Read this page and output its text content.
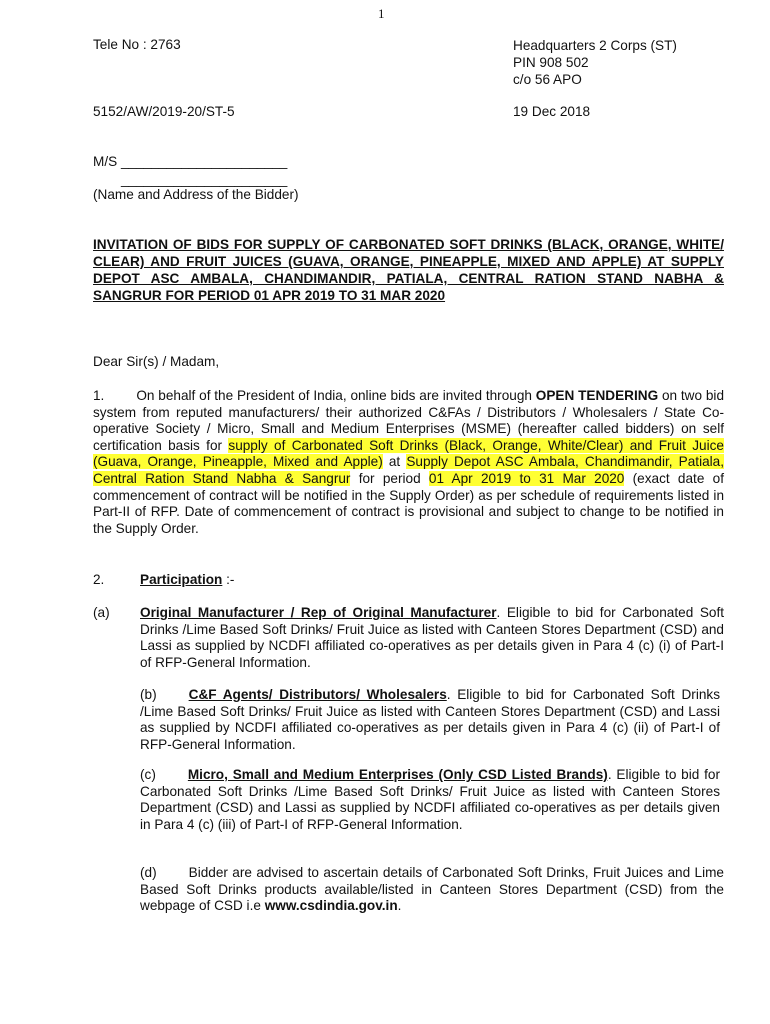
1
Tele No : 2763	Headquarters 2 Corps (ST)
PIN 908 502
c/o 56 APO
5152/AW/2019-20/ST-5	19 Dec 2018
M/S ______________________
______________________
(Name and Address of the Bidder)
INVITATION OF BIDS FOR SUPPLY OF CARBONATED SOFT DRINKS (BLACK, ORANGE, WHITE/ CLEAR) AND FRUIT JUICES (GUAVA, ORANGE, PINEAPPLE, MIXED AND APPLE) AT SUPPLY DEPOT ASC AMBALA, CHANDIMANDIR, PATIALA, CENTRAL RATION STAND NABHA & SANGRUR FOR PERIOD 01 APR 2019 TO 31 MAR 2020
Dear Sir(s) / Madam,
1. On behalf of the President of India, online bids are invited through OPEN TENDERING on two bid system from reputed manufacturers/ their authorized C&FAs / Distributors / Wholesalers / State Co-operative Society / Micro, Small and Medium Enterprises (MSME) (hereafter called bidders) on self certification basis for supply of Carbonated Soft Drinks (Black, Orange, White/Clear) and Fruit Juice (Guava, Orange, Pineapple, Mixed and Apple) at Supply Depot ASC Ambala, Chandimandir, Patiala, Central Ration Stand Nabha & Sangrur for period 01 Apr 2019 to 31 Mar 2020 (exact date of commencement of contract will be notified in the Supply Order) as per schedule of requirements listed in Part-II of RFP. Date of commencement of contract is provisional and subject to change to be notified in the Supply Order.
2.	Participation :-
(a) Original Manufacturer / Rep of Original Manufacturer. Eligible to bid for Carbonated Soft Drinks /Lime Based Soft Drinks/ Fruit Juice as listed with Canteen Stores Department (CSD) and Lassi as supplied by NCDFI affiliated co-operatives as per details given in Para 4 (c) (i) of Part-I of RFP-General Information.
(b) C&F Agents/ Distributors/ Wholesalers. Eligible to bid for Carbonated Soft Drinks /Lime Based Soft Drinks/ Fruit Juice as listed with Canteen Stores Department (CSD) and Lassi as supplied by NCDFI affiliated co-operatives as per details given in Para 4 (c) (ii) of Part-I of RFP-General Information.
(c) Micro, Small and Medium Enterprises (Only CSD Listed Brands). Eligible to bid for Carbonated Soft Drinks /Lime Based Soft Drinks/ Fruit Juice as listed with Canteen Stores Department (CSD) and Lassi as supplied by NCDFI affiliated co-operatives as per details given in Para 4 (c) (iii) of Part-I of RFP-General Information.
(d) Bidder are advised to ascertain details of Carbonated Soft Drinks, Fruit Juices and Lime Based Soft Drinks products available/listed in Canteen Stores Department (CSD) from the webpage of CSD i.e www.csdindia.gov.in.
